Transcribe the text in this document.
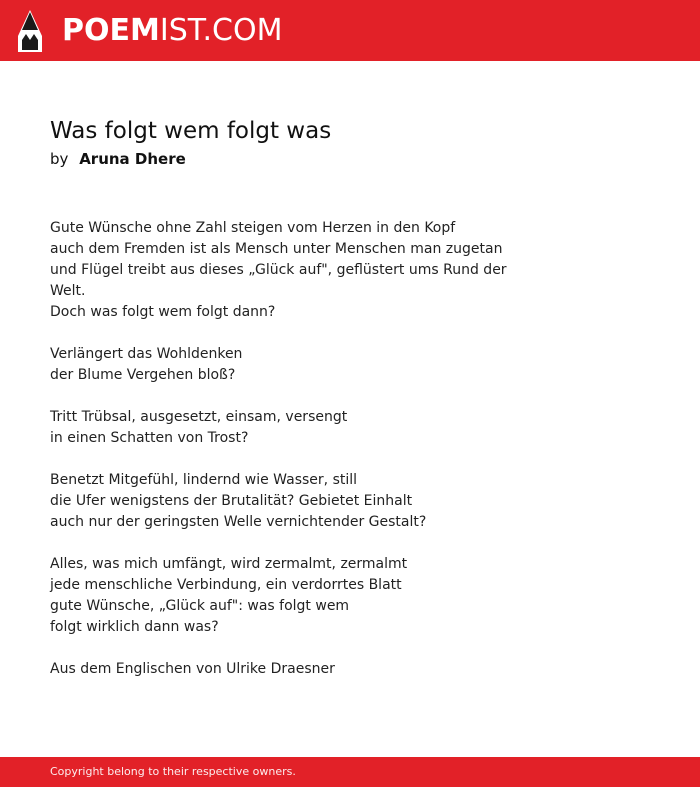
POEMIST.COM
Was folgt wem folgt was
by Aruna Dhere
Gute Wünsche ohne Zahl steigen vom Herzen in den Kopf
auch dem Fremden ist als Mensch unter Menschen man zugetan
und Flügel treibt aus dieses „Glück auf", geflüstert ums Rund der Welt.
Doch was folgt wem folgt dann?
Verlängert das Wohldenken
der Blume Vergehen bloß?
Tritt Trübsal, ausgesetzt, einsam, versengt
in einen Schatten von Trost?
Benetzt Mitgefühl, lindernd wie Wasser, still
die Ufer wenigstens der Brutalität? Gebietet Einhalt
auch nur der geringsten Welle vernichtender Gestalt?
Alles, was mich umfängt, wird zermalmt, zermalmt
jede menschliche Verbindung, ein verdorrtes Blatt
gute Wünsche, „Glück auf": was folgt wem
folgt wirklich dann was?
Aus dem Englischen von Ulrike Draesner
Copyright belong to their respective owners.
